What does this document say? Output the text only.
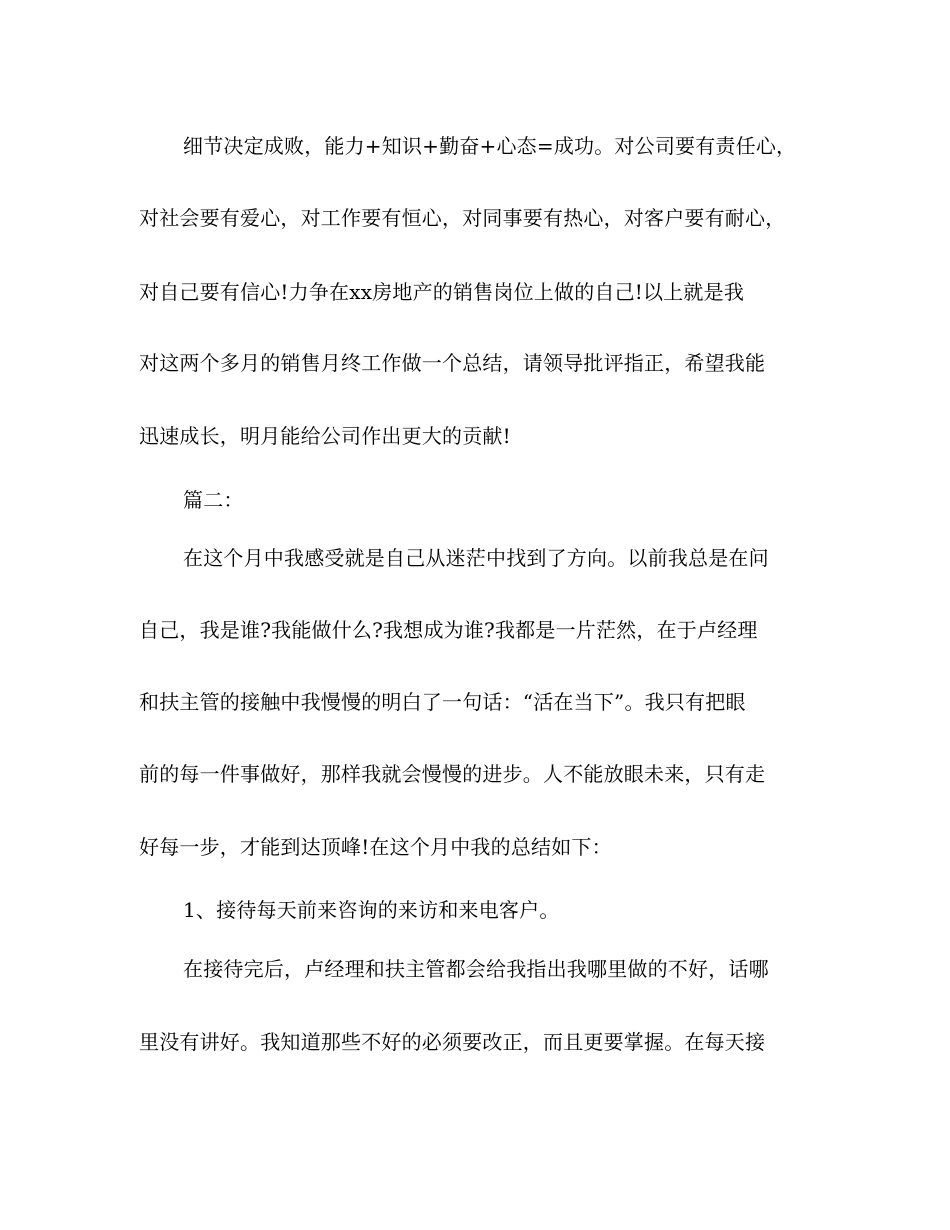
细节决定成败，能力+知识+勤奋+心态=成功。对公司要有责任心，
对社会要有爱心，对工作要有恒心，对同事要有热心，对客户要有耐心，
对自己要有信心!力争在xx房地产的销售岗位上做的自己!以上就是我
对这两个多月的销售月终工作做一个总结，请领导批评指正，希望我能
迅速成长，明月能给公司作出更大的贡献!
篇二：
在这个月中我感受就是自己从迷茫中找到了方向。以前我总是在问
自己，我是谁?我能做什么?我想成为谁?我都是一片茫然，在于卢经理
和扶主管的接触中我慢慢的明白了一句话：“活在当下”。我只有把眼
前的每一件事做好，那样我就会慢慢的进步。人不能放眼未来，只有走
好每一步，才能到达顶峰!在这个月中我的总结如下：
1、接待每天前来咨询的来访和来电客户。
在接待完后，卢经理和扶主管都会给我指出我哪里做的不好，话哪
里没有讲好。我知道那些不好的必须要改正，而且更要掌握。在每天接
